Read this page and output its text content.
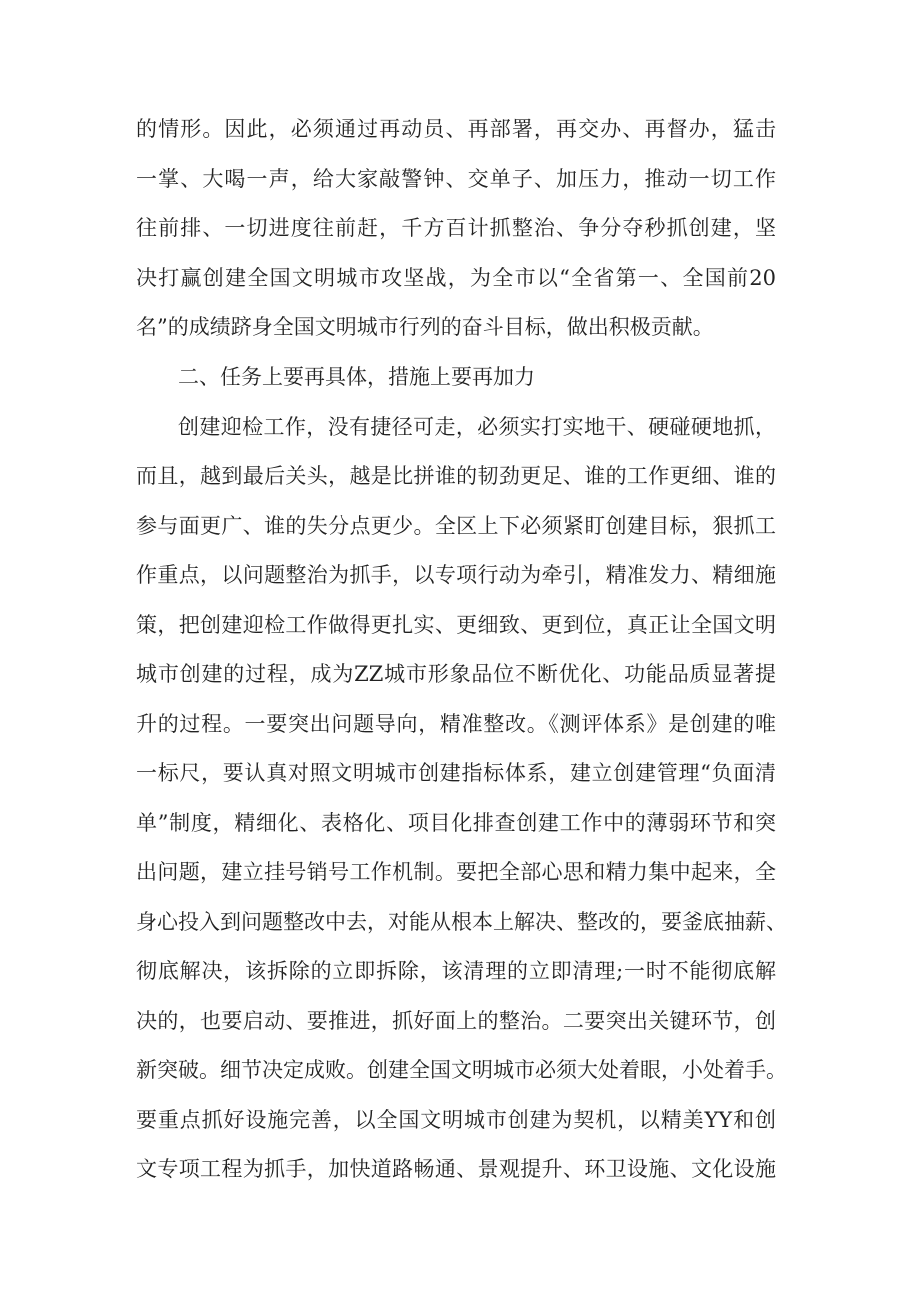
的情形。因此，必须通过再动员、再部署，再交办、再督办，猛击
一掌、大喝一声，给大家敲警钟、交单子、加压力，推动一切工作
往前排、一切进度往前赶，千方百计抓整治、争分夺秒抓创建，坚
决打赢创建全国文明城市攻坚战，为全市以“全省第一、全国前20
名”的成绩跻身全国文明城市行列的奋斗目标，做出积极贡献。
二、任务上要再具体，措施上要再加力
创建迎检工作，没有捷径可走，必须实打实地干、硬碰硬地抓，
而且，越到最后关头，越是比拼谁的韧劲更足、谁的工作更细、谁的
参与面更广、谁的失分点更少。全区上下必须紧盯创建目标，狠抓工
作重点，以问题整治为抓手，以专项行动为牵引，精准发力、精细施
策，把创建迎检工作做得更扎实、更细致、更到位，真正让全国文明
城市创建的过程，成为ZZ城市形象品位不断优化、功能品质显著提
升的过程。一要突出问题导向，精准整改。《测评体系》是创建的唯
一标尺，要认真对照文明城市创建指标体系，建立创建管理“负面清
单”制度，精细化、表格化、项目化排查创建工作中的薄弱环节和突
出问题，建立挂号销号工作机制。要把全部心思和精力集中起来，全
身心投入到问题整改中去，对能从根本上解决、整改的，要釜底抽薪、
彻底解决，该拆除的立即拆除，该清理的立即清理;一时不能彻底解
决的，也要启动、要推进，抓好面上的整治。二要突出关键环节，创
新突破。细节决定成败。创建全国文明城市必须大处着眼，小处着手。
要重点抓好设施完善，以全国文明城市创建为契机，以精美YY和创
文专项工程为抓手，加快道路畅通、景观提升、环卫设施、文化设施
